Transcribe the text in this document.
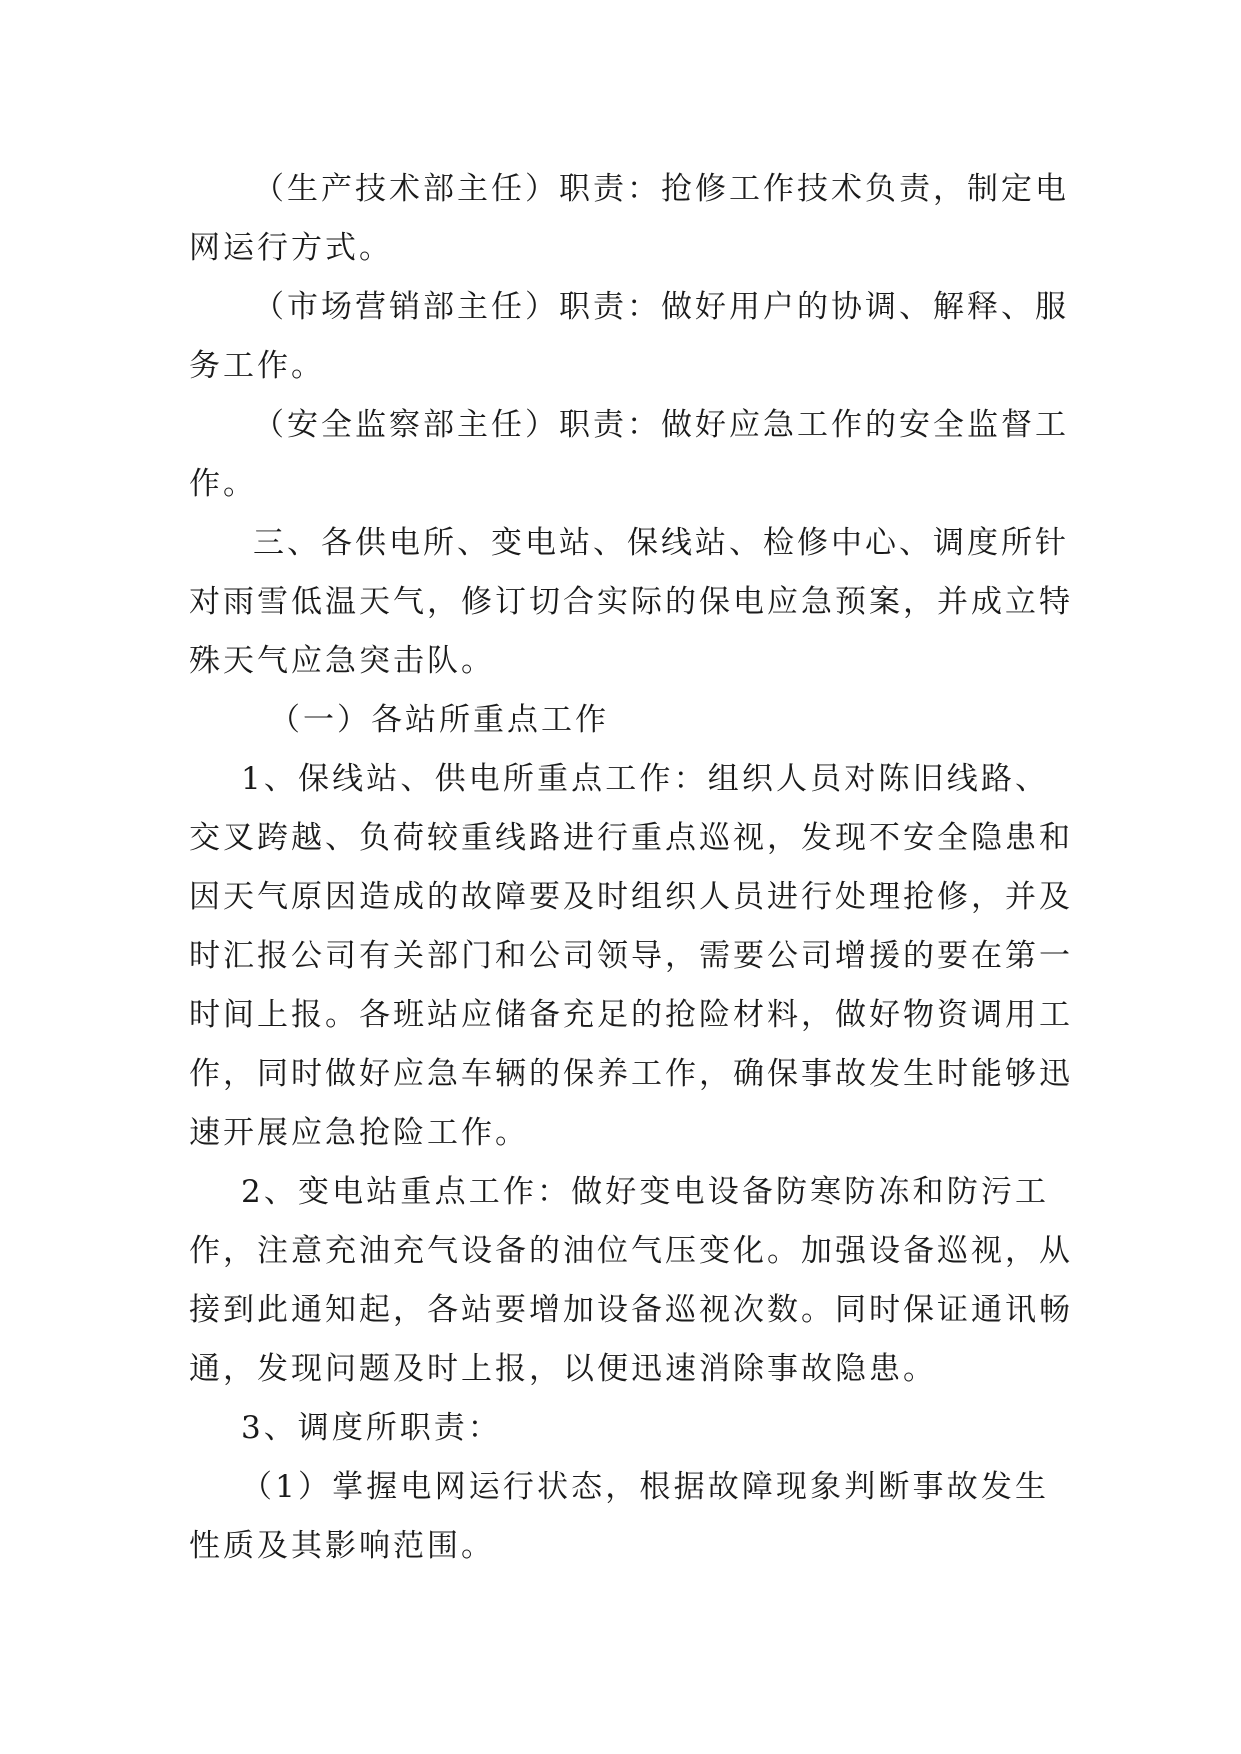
（生产技术部主任）职责：抢修工作技术负责，制定电
网运行方式。

（市场营销部主任）职责：做好用户的协调、解释、服
务工作。

（安全监察部主任）职责：做好应急工作的安全监督工
作。

三、各供电所、变电站、保线站、检修中心、调度所针
对雨雪低温天气，修订切合实际的保电应急预案，并成立特
殊天气应急突击队。

（一）各站所重点工作

1、保线站、供电所重点工作：组织人员对陈旧线路、
交叉跨越、负荷较重线路进行重点巡视，发现不安全隐患和
因天气原因造成的故障要及时组织人员进行处理抢修，并及
时汇报公司有关部门和公司领导，需要公司增援的要在第一
时间上报。各班站应储备充足的抢险材料，做好物资调用工
作，同时做好应急车辆的保养工作，确保事故发生时能够迅
速开展应急抢险工作。

2、变电站重点工作：做好变电设备防寒防冻和防污工
作，注意充油充气设备的油位气压变化。加强设备巡视，从
接到此通知起，各站要增加设备巡视次数。同时保证通讯畅
通，发现问题及时上报，以便迅速消除事故隐患。

3、调度所职责：

（1）掌握电网运行状态，根据故障现象判断事故发生
性质及其影响范围。
